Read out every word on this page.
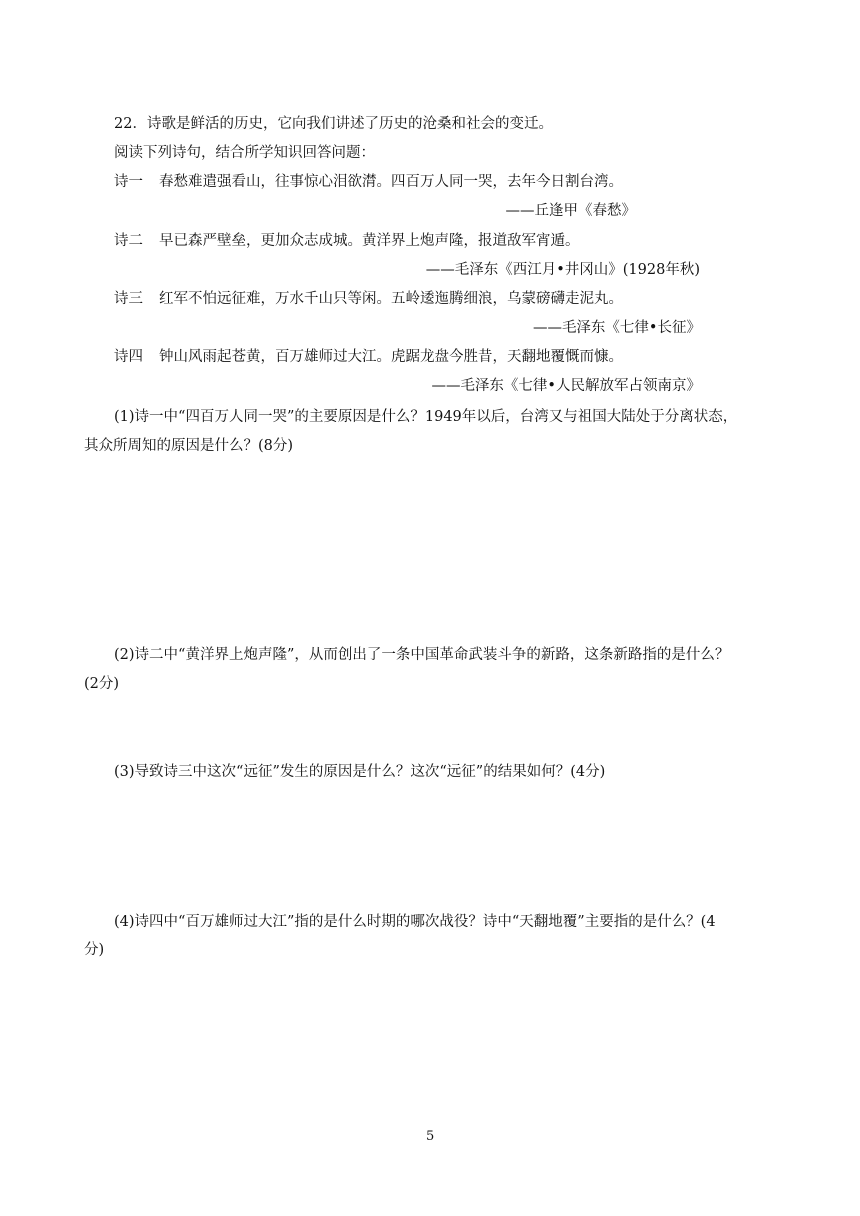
22．诗歌是鲜活的历史，它向我们讲述了历史的沧桑和社会的变迁。
阅读下列诗句，结合所学知识回答问题：
诗一 春愁难遣强看山，往事惊心泪欲潸。四百万人同一哭，去年今日割台湾。
——丘逢甲《春愁》
诗二 早已森严壁垒，更加众志成城。黄洋界上炮声隆，报道敌军宵遁。
——毛泽东《西江月•井冈山》(1928年秋)
诗三 红军不怕远征难，万水千山只等闲。五岭逶迤腾细浪，乌蒙磅礴走泥丸。
——毛泽东《七律•长征》
诗四 钟山风雨起苍黄，百万雄师过大江。虎踞龙盘今胜昔，天翻地覆慨而慷。
——毛泽东《七律•人民解放军占领南京》
(1)诗一中“四百万人同一哭”的主要原因是什么？1949年以后，台湾又与祖国大陆处于分离状态，
其众所周知的原因是什么？(8分)
(2)诗二中“黄洋界上炮声隆”，从而创出了一条中国革命武装斗争的新路，这条新路指的是什么？
(2分)
(3)导致诗三中这次“远征”发生的原因是什么？这次“远征”的结果如何？(4分)
(4)诗四中“百万雄师过大江”指的是什么时期的哪次战役？诗中“天翻地覆”主要指的是什么？(4
分)
5
